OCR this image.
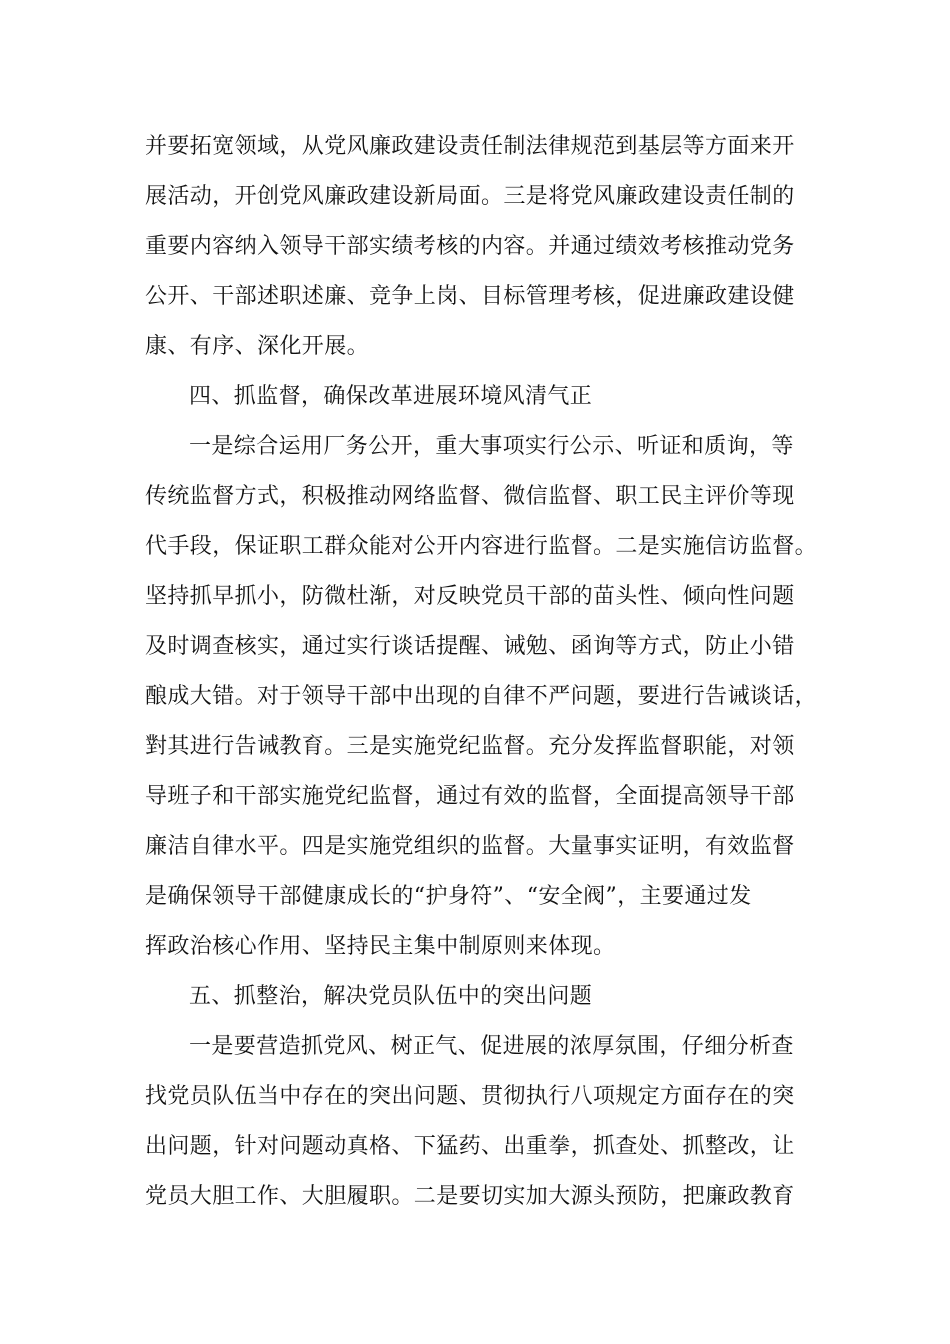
并要拓宽领域，从党风廉政建设责任制法律规范到基层等方面来开
展活动，开创党风廉政建设新局面。三是将党风廉政建设责任制的
重要内容纳入领导干部实绩考核的内容。并通过绩效考核推动党务
公开、干部述职述廉、竞争上岗、目标管理考核，促进廉政建设健
康、有序、深化开展。
四、抓监督，确保改革进展环境风清气正
一是综合运用厂务公开，重大事项实行公示、听证和质询，等
传统监督方式，积极推动网络监督、微信监督、职工民主评价等现
代手段，保证职工群众能对公开内容进行监督。二是实施信访监督。
坚持抓早抓小，防微杜渐，对反映党员干部的苗头性、倾向性问题
及时调查核实，通过实行谈话提醒、诫勉、函询等方式，防止小错
酿成大错。对于领导干部中出现的自律不严问题，要进行告诫谈话，
對其进行告诫教育。三是实施党纪监督。充分发挥监督职能，对领
导班子和干部实施党纪监督，通过有效的监督，全面提高领导干部
廉洁自律水平。四是实施党组织的监督。大量事实证明，有效监督
是确保领导干部健康成长的“护身符”、“安全阀”，主要通过发
挥政治核心作用、坚持民主集中制原则来体现。
五、抓整治，解决党员队伍中的突出问题
一是要营造抓党风、树正气、促进展的浓厚氛围，仔细分析查
找党员队伍当中存在的突出问题、贯彻执行八项规定方面存在的突
出问题，针对问题动真格、下猛药、出重拳，抓查处、抓整改，让
党员大胆工作、大胆履职。二是要切实加大源头预防，把廉政教育
